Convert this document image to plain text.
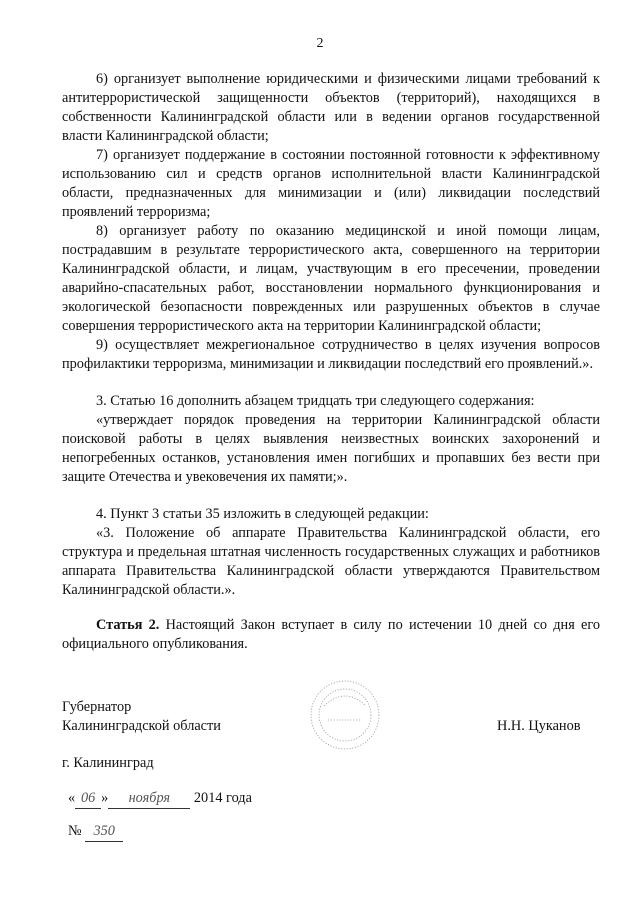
2

6) организует выполнение юридическими и физическими лицами требований к антитеррористической защищенности объектов (территорий), находящихся в собственности Калининградской области или в ведении органов государственной власти Калининградской области;

7) организует поддержание в состоянии постоянной готовности к эффективному использованию сил и средств органов исполнительной власти Калининградской области, предназначенных для минимизации и (или) ликвидации последствий проявлений терроризма;

8) организует работу по оказанию медицинской и иной помощи лицам, пострадавшим в результате террористического акта, совершенного на территории Калининградской области, и лицам, участвующим в его пресечении, проведении аварийно-спасательных работ, восстановлении нормального функционирования и экологической безопасности поврежденных или разрушенных объектов в случае совершения террористического акта на территории Калининградской области;

9) осуществляет межрегиональное сотрудничество в целях изучения вопросов профилактики терроризма, минимизации и ликвидации последствий его проявлений.».

3. Статью 16 дополнить абзацем тридцать три следующего содержания:

«утверждает порядок проведения на территории Калининградской области поисковой работы в целях выявления неизвестных воинских захоронений и непогребенных останков, установления имен погибших и пропавших без вести при защите Отечества и увековечения их памяти;».

4. Пункт 3 статьи 35 изложить в следующей редакции:

«3. Положение об аппарате Правительства Калининградской области, его структура и предельная штатная численность государственных служащих и работников аппарата Правительства Калининградской области утверждаются Правительством Калининградской области.».

Статья 2. Настоящий Закон вступает в силу по истечении 10 дней со дня его официального опубликования.

Губернатор
Калининградской области	Н.Н. Цуканов
г. Калининград
« 06 » ноября 2014 года
№ 350
